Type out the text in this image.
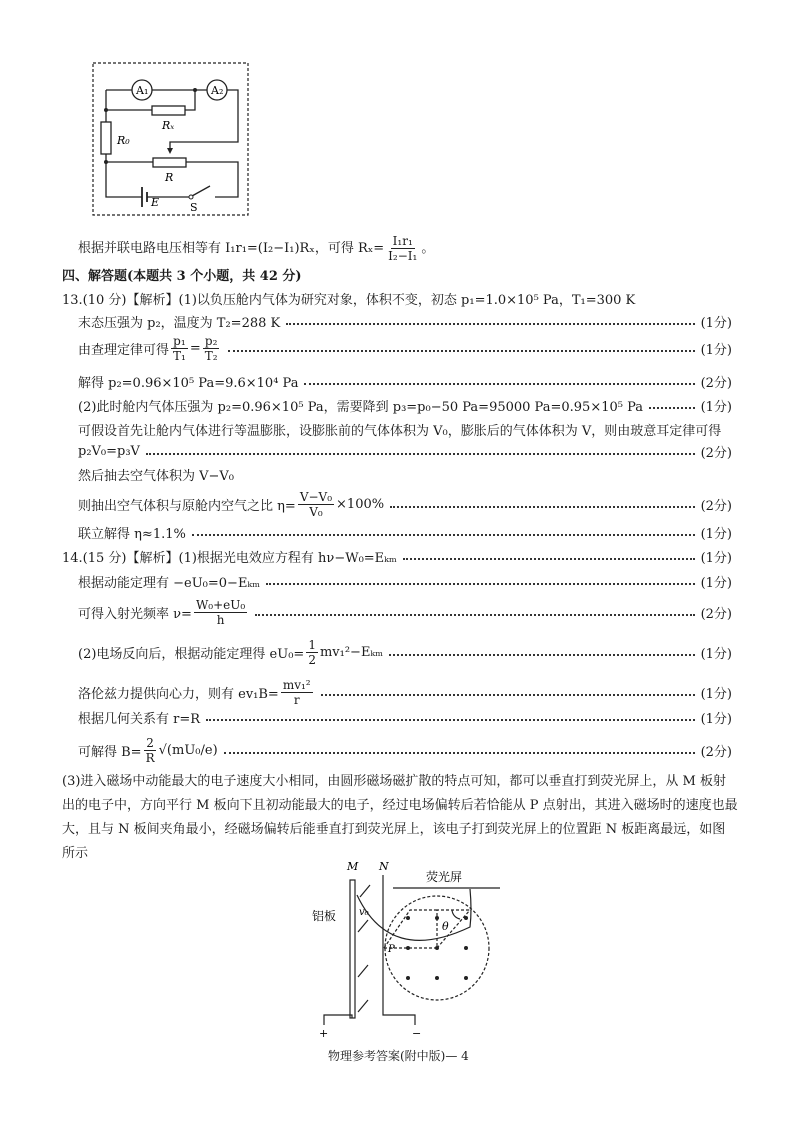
A₁	A₂
Rₓ
R₀
R
E	S
根据并联电路电压相等有 I₁r₁=(I₂−I₁)Rₓ，可得 $R_x= \frac{\text{I₁r₁}}{\text{I₂−I₁}}$ 。
四、解答题(本题共 3 个小题，共 42 分)
13.(10 分)【解析】(1)以负压舱内气体为研究对象，体积不变，初态 p₁=1.0×10⁵ Pa，T₁=300 K
末态压强为 p₂，温度为 T₂=288 K	(1分)
由查理定律可得 $\frac{\text{p₁}}{\text{T₁}} = \frac{\text{p₂}}{\text{T₂}}$	(1分)
解得 p₂=0.96×10⁵ Pa=9.6×10⁴ Pa	(2分)
(2)此时舱内气体压强为 p₂=0.96×10⁵ Pa，需要降到 p₃=p₀−50 Pa=95000 Pa=0.95×10⁵ Pa	(1分)
可假设首先让舱内气体进行等温膨胀，设膨胀前的气体体积为 V₀，膨胀后的气体体积为 V，则由玻意耳定律可得
p₂V₀=p₃V	(2分)
然后抽去空气体积为 V−V₀
则抽出空气体积与原舱内空气之比 $\eta= \frac{\text{V−V₀}}{\text{V₀}} \times 100\%$	(2分)
联立解得 η≈1.1%	(1分)
14.(15 分)【解析】(1)根据光电效应方程有 hν−W₀=Eₖₘ	(1分)
根据动能定理有 −eU₀=0−Eₖₘ	(1分)
可得入射光频率 $\nu= \frac{\text{W₀+eU₀}}{h}$	(2分)
(2)电场反向后，根据动能定理得 $eU_0= \frac{1}{2} mv_1^2-E_{km}$	(1分)
洛伦兹力提供向心力，则有 $ev_1B= \frac{\text{mv₁²}}{r}$	(1分)
根据几何关系有 r=R	(1分)
可解得 $B= \frac{2}{R} √(mU_0/e)$	(2分)
(3)进入磁场中动能最大的电子速度大小相同，由圆形磁场磁扩散的特点可知，都可以垂直打到荧光屏上，从 M 板射出的电子中，方向平行 M 板向下且初动能最大的电子，经过电场偏转后若恰能从 P 点射出，其进入磁场时的速度也最大，且与 N 板间夹角最小，经磁场偏转后能垂直打到荧光屏上，该电子打到荧光屏上的位置距 N 板距离最远，如图所示
M N
荧光屏
铝板 v₀
θ
P
+	−
物理参考答案(附中版)— 4
